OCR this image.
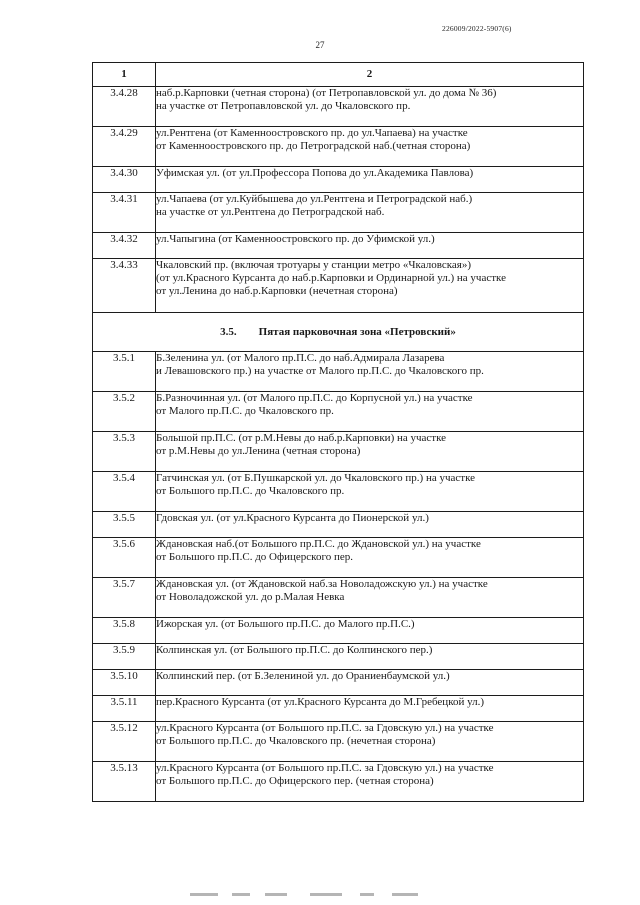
226009/2022-5907(6)
27
1	2
3.4.28	наб.р.Карповки (четная сторона) (от Петропавловской ул. до дома № 36)
на участке от Петропавловской ул. до Чкаловского пр.

3.4.29	ул.Рентгена (от Каменноостровского пр. до ул.Чапаева) на участке
от Каменноостровского пр. до Петроградской наб.(четная сторона)

3.4.30	Уфимская ул. (от ул.Профессора Попова до ул.Академика Павлова)

3.4.31	ул.Чапаева (от ул.Куйбышева до ул.Рентгена и Петроградской наб.)
на участке от ул.Рентгена до Петроградской наб.

3.4.32	ул.Чапыгина (от Каменноостровского пр. до Уфимской ул.)

3.4.33	Чкаловский пр. (включая тротуары у станции метро «Чкаловская»)
(от ул.Красного Курсанта до наб.р.Карповки и Ординарной ул.) на участке
от ул.Ленина до наб.р.Карповки (нечетная сторона)

3.5. Пятая парковочная зона «Петровский»	
3.5.1	Б.Зеленина ул. (от Малого пр.П.С. до наб.Адмирала Лазарева
и Левашовского пр.) на участке от Малого пр.П.С. до Чкаловского пр.

3.5.2	Б.Разночинная ул. (от Малого пр.П.С. до Корпусной ул.) на участке
от Малого пр.П.С. до Чкаловского пр.

3.5.3	Большой пр.П.С. (от р.М.Невы до наб.р.Карповки) на участке
от р.М.Невы до ул.Ленина (четная сторона)

3.5.4	Гатчинская ул. (от Б.Пушкарской ул. до Чкаловского пр.) на участке
от Большого пр.П.С. до Чкаловского пр.

3.5.5	Гдовская ул. (от ул.Красного Курсанта до Пионерской ул.)

3.5.6	Ждановская наб.(от Большого пр.П.С. до Ждановской ул.) на участке
от Большого пр.П.С. до Офицерского пер.

3.5.7	Ждановская ул. (от Ждановской наб.за Новоладожскую ул.) на участке
от Новоладожской ул. до р.Малая Невка

3.5.8	Ижорская ул. (от Большого пр.П.С. до Малого пр.П.С.)

3.5.9	Колпинская ул. (от Большого пр.П.С. до Колпинского пер.)

3.5.10	Колпинский пер. (от Б.Зелениной ул. до Ораниенбаумской ул.)

3.5.11	пер.Красного Курсанта (от ул.Красного Курсанта до М.Гребецкой ул.)

3.5.12	ул.Красного Курсанта (от Большого пр.П.С. за Гдовскую ул.) на участке
от Большого пр.П.С. до Чкаловского пр. (нечетная сторона)

3.5.13	ул.Красного Курсанта (от Большого пр.П.С. за Гдовскую ул.) на участке
от Большого пр.П.С. до Офицерского пер. (четная сторона)
